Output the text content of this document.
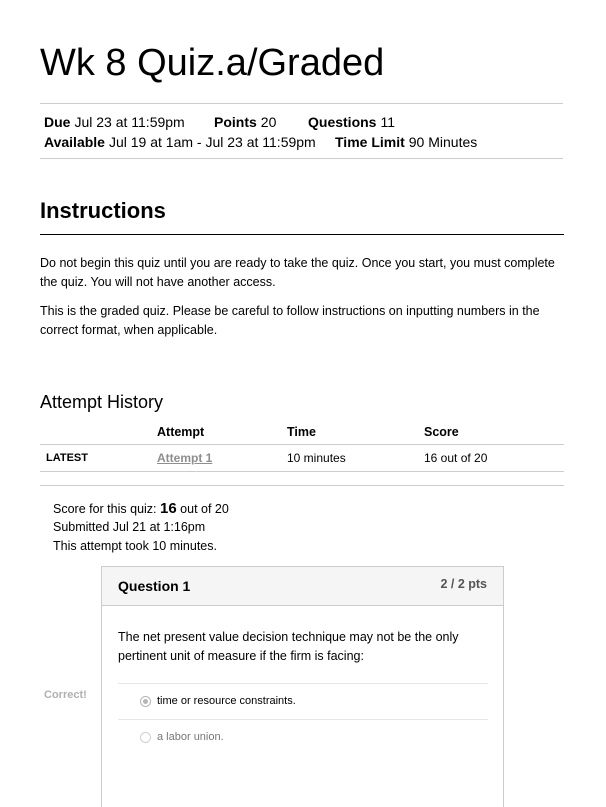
Wk 8 Quiz.a/Graded
Due Jul 23 at 11:59pm Points 20 Questions 11
Available Jul 19 at 1am - Jul 23 at 11:59pm Time Limit 90 Minutes
Instructions

Do not begin this quiz until you are ready to take the quiz. Once you start, you must complete the quiz. You will not have another access.

This is the graded quiz. Please be careful to follow instructions on inputting numbers in the correct format, when applicable.

Attempt History
	Attempt	Time	Score
LATEST	Attempt 1	10 minutes	16 out of 20
Score for this quiz: 16 out of 20
Submitted Jul 21 at 1:16pm
This attempt took 10 minutes.
Correct!
Question 1	2 / 2 pts

The net present value decision technique may not be the only pertinent unit of measure if the firm is facing:

time or resource constraints.
a labor union.
